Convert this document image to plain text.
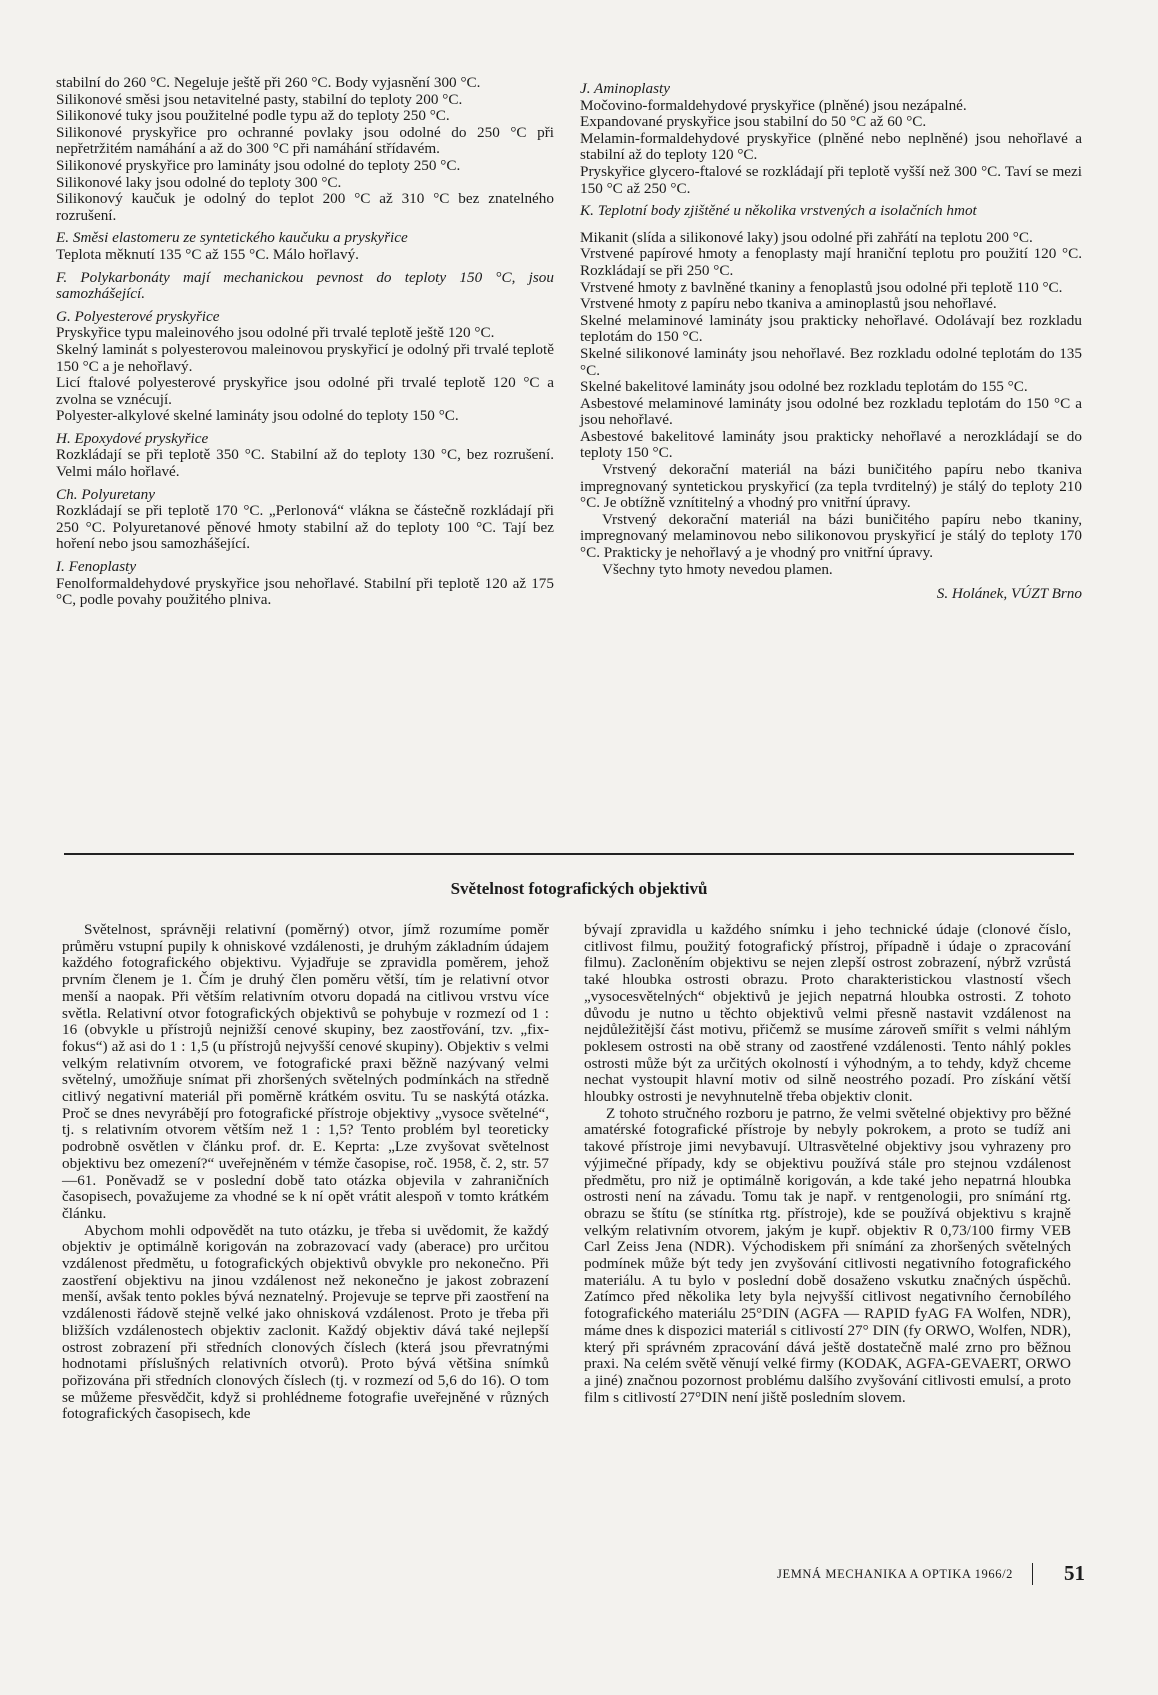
stabilní do 260 °C. Negeluje ještě při 260 °C. Body vyjasnění 300 °C.

Silikonové směsi jsou netavitelné pasty, stabilní do teploty 200 °C.

Silikonové tuky jsou použitelné podle typu až do teploty 250 °C.

Silikonové pryskyřice pro ochranné povlaky jsou odolné do 250 °C při nepřetržitém namáhání a až do 300 °C při namáhání střídavém.

Silikonové pryskyřice pro lamináty jsou odolné do teploty 250 °C.

Silikonové laky jsou odolné do teploty 300 °C.

Silikonový kaučuk je odolný do teplot 200 °C až 310 °C bez znatelného rozrušení.

E. Směsi elastomeru ze syntetického kaučuku a pryskyřice

Teplota měknutí 135 °C až 155 °C. Málo hořlavý.

F. Polykarbonáty mají mechanickou pevnost do teploty 150 °C, jsou samozhášející.

G. Polyesterové pryskyřice

Pryskyřice typu maleinového jsou odolné při trvalé teplotě ještě 120 °C.

Skelný laminát s polyesterovou maleinovou pryskyřicí je odolný při trvalé teplotě 150 °C a je nehořlavý.

Licí ftalové polyesterové pryskyřice jsou odolné při trvalé teplotě 120 °C a zvolna se vznécují.

Polyester-alkylové skelné lamináty jsou odolné do teploty 150 °C.

H. Epoxydové pryskyřice

Rozkládají se při teplotě 350 °C. Stabilní až do teploty 130 °C, bez rozrušení. Velmi málo hořlavé.

Ch. Polyuretany

Rozkládají se při teplotě 170 °C. „Perlonová“ vlákna se částečně rozkládají při 250 °C. Polyuretanové pěnové hmoty stabilní až do teploty 100 °C. Tají bez hoření nebo jsou samozhášející.

I. Fenoplasty

Fenolformaldehydové pryskyřice jsou nehořlavé. Stabilní při teplotě 120 až 175 °C, podle povahy použitého plniva.

J. Aminoplasty

Močovino-formaldehydové pryskyřice (plněné) jsou nezápalné.

Expandované pryskyřice jsou stabilní do 50 °C až 60 °C.

Melamin-formaldehydové pryskyřice (plněné nebo neplněné) jsou nehořlavé a stabilní až do teploty 120 °C.

Pryskyřice glycero-ftalové se rozkládají při teplotě vyšší než 300 °C. Taví se mezi 150 °C až 250 °C.

K. Teplotní body zjištěné u několika vrstvených a isolačních hmot

Mikanit (slída a silikonové laky) jsou odolné při zahřátí na teplotu 200 °C.

Vrstvené papírové hmoty a fenoplasty mají hraniční teplotu pro použití 120 °C. Rozkládají se při 250 °C.

Vrstvené hmoty z bavlněné tkaniny a fenoplastů jsou odolné při teplotě 110 °C.

Vrstvené hmoty z papíru nebo tkaniva a aminoplastů jsou nehořlavé.

Skelné melaminové lamináty jsou prakticky nehořlavé. Odolávají bez rozkladu teplotám do 150 °C.

Skelné silikonové lamináty jsou nehořlavé. Bez rozkladu odolné teplotám do 135 °C.

Skelné bakelitové lamináty jsou odolné bez rozkladu teplotám do 155 °C.

Asbestové melaminové lamináty jsou odolné bez rozkladu teplotám do 150 °C a jsou nehořlavé.

Asbestové bakelitové lamináty jsou prakticky nehořlavé a nerozkládají se do teploty 150 °C.

Vrstvený dekorační materiál na bázi buničitého papíru nebo tkaniva impregnovaný syntetickou pryskyřicí (za tepla tvrditelný) je stálý do teploty 210 °C. Je obtížně vznítitelný a vhodný pro vnitřní úpravy.

Vrstvený dekorační materiál na bázi buničitého papíru nebo tkaniny, impregnovaný melaminovou nebo silikonovou pryskyřicí je stálý do teploty 170 °C. Prakticky je nehořlavý a je vhodný pro vnitřní úpravy.

Všechny tyto hmoty nevedou plamen.

S. Holánek, VÚZT Brno

Světelnost fotografických objektivů

Světelnost, správněji relativní (poměrný) otvor, jímž rozumíme poměr průměru vstupní pupily k ohniskové vzdálenosti, je druhým základním údajem každého fotografického objektivu. Vyjadřuje se zpravidla poměrem, jehož prvním členem je 1. Čím je druhý člen poměru větší, tím je relativní otvor menší a naopak. Při větším relativním otvoru dopadá na citlivou vrstvu více světla. Relativní otvor fotografických objektivů se pohybuje v rozmezí od 1 : 16 (obvykle u přístrojů nejnižší cenové skupiny, bez zaostřování, tzv. „fix-fokus“) až asi do 1 : 1,5 (u přístrojů nejvyšší cenové skupiny). Objektiv s velmi velkým relativním otvorem, ve fotografické praxi běžně nazývaný velmi světelný, umožňuje snímat při zhoršených světelných podmínkách na středně citlivý negativní materiál při poměrně krátkém osvitu. Tu se naskýtá otázka. Proč se dnes nevyrábějí pro fotografické přístroje objektivy „vysoce světelné“, tj. s relativním otvorem větším než 1 : 1,5? Tento problém byl teoreticky podrobně osvětlen v článku prof. dr. E. Keprta: „Lze zvyšovat světelnost objektivu bez omezení?“ uveřejněném v témže časopise, roč. 1958, č. 2, str. 57—61. Poněvadž se v poslední době tato otázka objevila v zahraničních časopisech, považujeme za vhodné se k ní opět vrátit alespoň v tomto krátkém článku.

Abychom mohli odpovědět na tuto otázku, je třeba si uvědomit, že každý objektiv je optimálně korigován na zobrazovací vady (aberace) pro určitou vzdálenost předmětu, u fotografických objektivů obvykle pro nekonečno. Při zaostření objektivu na jinou vzdálenost než nekonečno je jakost zobrazení menší, avšak tento pokles bývá neznatelný. Projevuje se teprve při zaostření na vzdálenosti řádově stejně velké jako ohnisková vzdálenost. Proto je třeba při bližších vzdálenostech objektiv zaclonit. Každý objektiv dává také nejlepší ostrost zobrazení při středních clonových číslech (která jsou převratnými hodnotami příslušných relativních otvorů). Proto bývá většina snímků pořizována při středních clonových číslech (tj. v rozmezí od 5,6 do 16). O tom se můžeme přesvědčit, když si prohlédneme fotografie uveřejněné v různých fotografických časopisech, kde

bývají zpravidla u každého snímku i jeho technické údaje (clonové číslo, citlivost filmu, použitý fotografický přístroj, případně i údaje o zpracování filmu). Zacloněním objektivu se nejen zlepší ostrost zobrazení, nýbrž vzrůstá také hloubka ostrosti obrazu. Proto charakteristickou vlastností všech „vysocesvětelných“ objektivů je jejich nepatrná hloubka ostrosti. Z tohoto důvodu je nutno u těchto objektivů velmi přesně nastavit vzdálenost na nejdůležitější část motivu, přičemž se musíme zároveň smířit s velmi náhlým poklesem ostrosti na obě strany od zaostřené vzdálenosti. Tento náhlý pokles ostrosti může být za určitých okolností i výhodným, a to tehdy, když chceme nechat vystoupit hlavní motiv od silně neostrého pozadí. Pro získání větší hloubky ostrosti je nevyhnutelně třeba objektiv clonit.

Z tohoto stručného rozboru je patrno, že velmi světelné objektivy pro běžné amatérské fotografické přístroje by nebyly pokrokem, a proto se tudíž ani takové přístroje jimi nevybavují. Ultrasvětelné objektivy jsou vyhrazeny pro výjimečné případy, kdy se objektivu používá stále pro stejnou vzdálenost předmětu, pro niž je optimálně korigován, a kde také jeho nepatrná hloubka ostrosti není na závadu. Tomu tak je např. v rentgenologii, pro snímání rtg. obrazu se štítu (se stínítka rtg. přístroje), kde se používá objektivu s krajně velkým relativním otvorem, jakým je kupř. objektiv R 0,73/100 firmy VEB Carl Zeiss Jena (NDR). Východiskem při snímání za zhoršených světelných podmínek může být tedy jen zvyšování citlivosti negativního fotografického materiálu. A tu bylo v poslední době dosaženo vskutku značných úspěchů. Zatímco před několika lety byla nejvyšší citlivost negativního černobílého fotografického materiálu 25°DIN (AGFA — RAPID fyAG FA Wolfen, NDR), máme dnes k dispozici materiál s citlivostí 27° DIN (fy ORWO, Wolfen, NDR), který při správném zpracování dává ještě dostatečně malé zrno pro běžnou praxi. Na celém světě věnují velké firmy (KODAK, AGFA-GEVAERT, ORWO a jiné) značnou pozornost problému dalšího zvyšování citlivosti emulsí, a proto film s citlivostí 27°DIN není jiště posledním slovem.

JEMNÁ MECHANIKA A OPTIKA 1966/2 51
